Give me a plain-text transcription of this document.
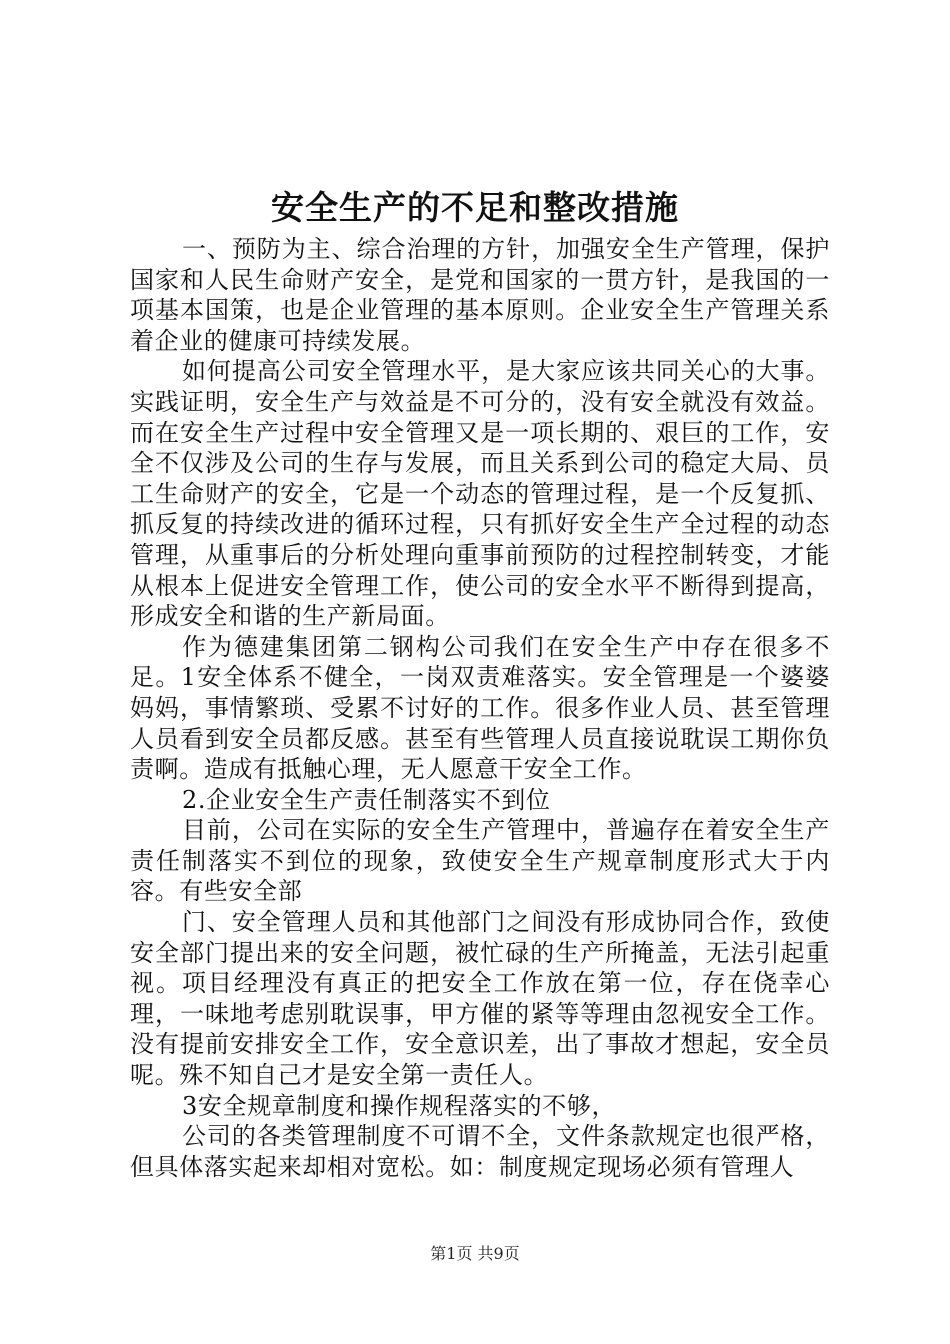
安全生产的不足和整改措施

一、预防为主、综合治理的方针，加强安全生产管理，保护国家和人民生命财产安全，是党和国家的一贯方针，是我国的一项基本国策，也是企业管理的基本原则。企业安全生产管理关系着企业的健康可持续发展。

如何提高公司安全管理水平，是大家应该共同关心的大事。实践证明，安全生产与效益是不可分的，没有安全就没有效益。而在安全生产过程中安全管理又是一项长期的、艰巨的工作，安全不仅涉及公司的生存与发展，而且关系到公司的稳定大局、员工生命财产的安全，它是一个动态的管理过程，是一个反复抓、抓反复的持续改进的循环过程，只有抓好安全生产全过程的动态管理，从重事后的分析处理向重事前预防的过程控制转变，才能从根本上促进安全管理工作，使公司的安全水平不断得到提高，形成安全和谐的生产新局面。

作为德建集团第二钢构公司我们在安全生产中存在很多不足。1安全体系不健全，一岗双责难落实。安全管理是一个婆婆妈妈，事情繁琐、受累不讨好的工作。很多作业人员、甚至管理人员看到安全员都反感。甚至有些管理人员直接说耽误工期你负责啊。造成有抵触心理，无人愿意干安全工作。

2.企业安全生产责任制落实不到位

目前，公司在实际的安全生产管理中，普遍存在着安全生产责任制落实不到位的现象，致使安全生产规章制度形式大于内容。有些安全部

门、安全管理人员和其他部门之间没有形成协同合作，致使安全部门提出来的安全问题，被忙碌的生产所掩盖，无法引起重视。项目经理没有真正的把安全工作放在第一位，存在侥幸心理，一味地考虑别耽误事，甲方催的紧等等理由忽视安全工作。没有提前安排安全工作，安全意识差，出了事故才想起，安全员呢。殊不知自己才是安全第一责任人。

3安全规章制度和操作规程落实的不够，

公司的各类管理制度不可谓不全，文件条款规定也很严格，但具体落实起来却相对宽松。如：制度规定现场必须有管理人

第1页 共9页
